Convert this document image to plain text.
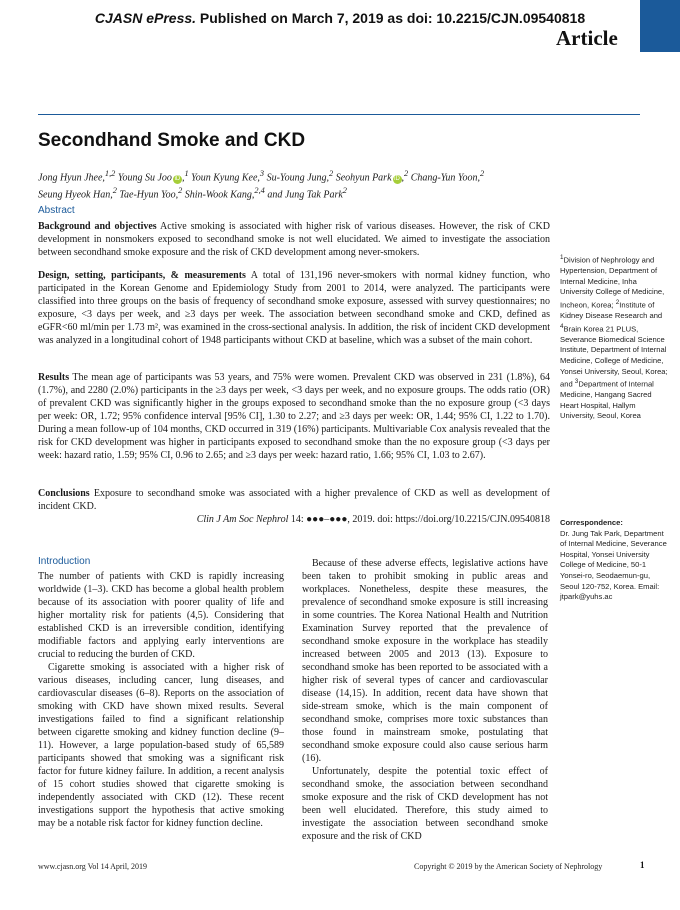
CJASN ePress. Published on March 7, 2019 as doi: 10.2215/CJN.09540818
Article
Secondhand Smoke and CKD

Jong Hyun Jhee,$^{1,2}$ Young Su Joo iD ,$^1$ Youn Kyung Kee,$^3$ Su-Young Jung,$^2$ Seohyun Park iD ,$^2$ Chang-Yun Yoon,$^2$

Seung Hyeok Han,$^2$ Tae-Hyun Yoo,$^2$ Shin-Wook Kang,$^{2,4}$ and Jung Tak Park$^2$

Abstract

Background and objectives Active smoking is associated with higher risk of various diseases. However, the risk of CKD development in nonsmokers exposed to secondhand smoke is not well elucidated. We aimed to investigate the association between secondhand smoke exposure and the risk of CKD development among never-smokers.

Design, setting, participants, & measurements A total of 131,196 never-smokers with normal kidney function, who participated in the Korean Genome and Epidemiology Study from 2001 to 2014, were analyzed. The participants were classified into three groups on the basis of frequency of secondhand smoke exposure, assessed with survey questionnaires; no exposure, <3 days per week, and ≥3 days per week. The association between secondhand smoke and CKD, defined as eGFR<60 ml/min per 1.73 m², was examined in the cross-sectional analysis. In addition, the risk of incident CKD development was analyzed in a longitudinal cohort of 1948 participants without CKD at baseline, which was a subset of the main cohort.

Results The mean age of participants was 53 years, and 75% were women. Prevalent CKD was observed in 231 (1.8%), 64 (1.7%), and 2280 (2.0%) participants in the ≥3 days per week, <3 days per week, and no exposure groups. The odds ratio (OR) of prevalent CKD was significantly higher in the groups exposed to secondhand smoke than the no exposure group (<3 days per week: OR, 1.72; 95% confidence interval [95% CI], 1.30 to 2.27; and ≥3 days per week: OR, 1.44; 95% CI, 1.22 to 1.70). During a mean follow-up of 104 months, CKD occurred in 319 (16%) participants. Multivariable Cox analysis revealed that the risk for CKD development was higher in participants exposed to secondhand smoke than the no exposure group (<3 days per week: hazard ratio, 1.59; 95% CI, 0.96 to 2.65; and ≥3 days per week: hazard ratio, 1.66; 95% CI, 1.03 to 2.67).

Conclusions Exposure to secondhand smoke was associated with a higher prevalence of CKD as well as development of incident CKD.

Clin J Am Soc Nephrol 14: ●●●–●●●, 2019. doi: https://doi.org/10.2215/CJN.09540818

$^1$Division of Nephrology and Hypertension, Department of Internal Medicine, Inha University College of Medicine, Incheon, Korea; $^2$Institute of Kidney Disease Research and $^4$Brain Korea 21 PLUS, Severance Biomedical Science Institute, Department of Internal Medicine, College of Medicine, Yonsei University, Seoul, Korea; and $^3$Department of Internal Medicine, Hangang Sacred Heart Hospital, Hallym University, Seoul, Korea

Correspondence:

Dr. Jung Tak Park, Department of Internal Medicine, Severance Hospital, Yonsei University College of Medicine, 50-1 Yonsei-ro, Seodaemun-gu, Seoul 120-752, Korea. Email: jtpark@yuhs.ac

Introduction

The number of patients with CKD is rapidly increasing worldwide (1–3). CKD has become a global health problem because of its association with poorer quality of life and higher mortality risk for patients (4,5). Considering that established CKD is an irreversible condition, identifying modifiable factors and applying early interventions are crucial to reducing the burden of CKD.

Cigarette smoking is associated with a higher risk of various diseases, including cancer, lung diseases, and cardiovascular diseases (6–8). Reports on the association of smoking with CKD have shown mixed results. Several investigations failed to find a significant relationship between cigarette smoking and kidney function decline (9–11). However, a large population-based study of 65,589 participants showed that smoking was a significant risk factor for future kidney failure. In addition, a recent analysis of 15 cohort studies showed that cigarette smoking is independently associated with CKD (12). These recent investigations support the hypothesis that active smoking may be a notable risk factor for kidney function decline.

Because of these adverse effects, legislative actions have been taken to prohibit smoking in public areas and workplaces. Nonetheless, despite these measures, the prevalence of secondhand smoke exposure is still increasing in some countries. The Korea National Health and Nutrition Examination Survey reported that the prevalence of secondhand smoke exposure in the workplace has steadily increased between 2005 and 2013 (13). Exposure to secondhand smoke has been reported to be associated with a higher risk of several types of cancer and cardiovascular disease (14,15). In addition, recent data have shown that side-stream smoke, which is the main component of secondhand smoke, comprises more toxic substances than those found in mainstream smoke, postulating that secondhand smoke exposure could also cause serious harm (16).

Unfortunately, despite the potential toxic effect of secondhand smoke, the association between secondhand smoke exposure and the risk of CKD development has not been well elucidated. Therefore, this study aimed to investigate the association between secondhand smoke exposure and the risk of CKD

www.cjasn.org Vol 14 April, 2019	Copyright © 2019 by the American Society of Nephrology	1
